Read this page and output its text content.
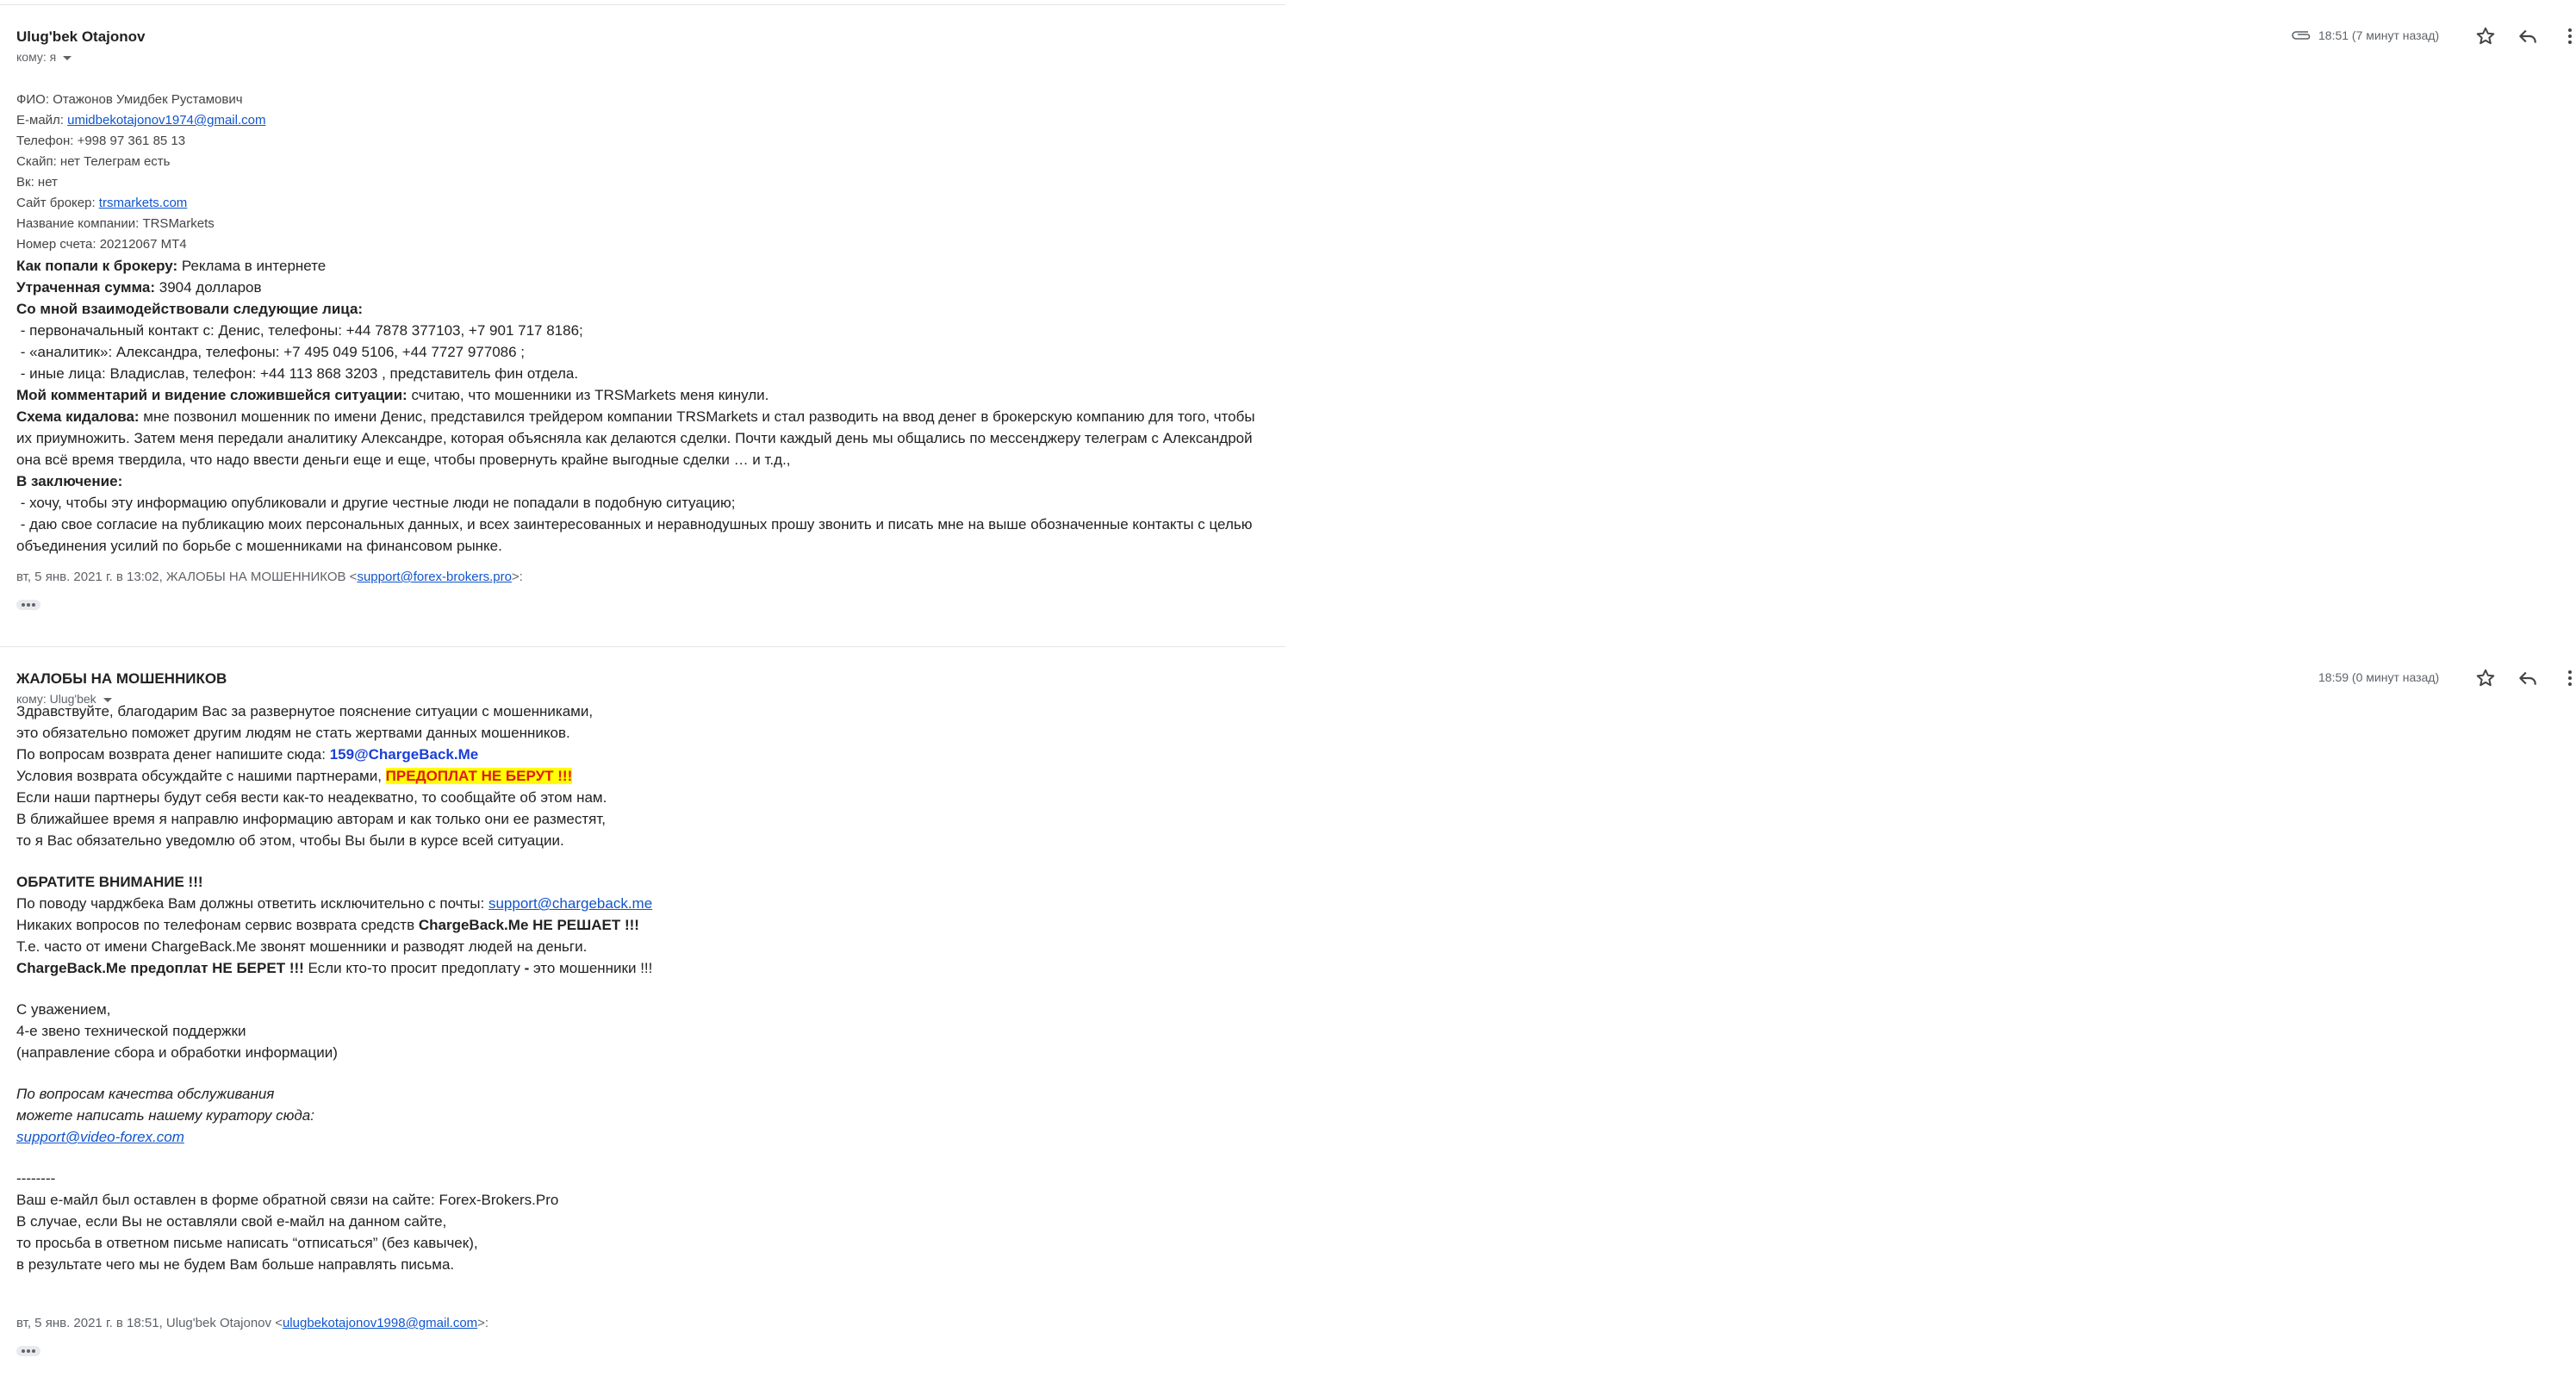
Ulug'bek Otajonov
кому: я
18:51 (7 минут назад)
ФИО: Отажонов Умидбек Рустамович
Е-майл: umidbekotajonov1974@gmail.com
Телефон: +998 97 361 85 13
Скайп: нет Телеграм есть
Вк: нет
Сайт брокер: trsmarkets.com
Название компании: TRSMarkets
Номер счета: 20212067 MT4
Как попали к брокеру: Реклама в интернете
Утраченная сумма: 3904 долларов
Со мной взаимодействовали следующие лица:
- первоначальный контакт с: Денис, телефоны: +44 7878 377103, +7 901 717 8186;
- «аналитик»: Александра, телефоны: +7 495 049 5106, +44 7727 977086 ;
- иные лица: Владислав, телефон: +44 113 868 3203 , представитель фин отдела.
Мой комментарий и видение сложившейся ситуации: считаю, что мошенники из TRSMarkets меня кинули.
Схема кидалова: мне позвонил мошенник по имени Денис, представился трейдером компании TRSMarkets и стал разводить на ввод денег в брокерскую компанию для того, чтобы их приумножить. Затем меня передали аналитику Александре, которая объясняла как делаются сделки. Почти каждый день мы общались по мессенджеру телеграм с Александрой она всё время твердила, что надо ввести деньги еще и еще, чтобы провернуть крайне выгодные сделки … и т.д.,
В заключение:
- хочу, чтобы эту информацию опубликовали и другие честные люди не попадали в подобную ситуацию;
- даю свое согласие на публикацию моих персональных данных, и всех заинтересованных и неравнодушных прошу звонить и писать мне на выше обозначенные контакты с целью объединения усилий по борьбе с мошенниками на финансовом рынке.
вт, 5 янв. 2021 г. в 13:02, ЖАЛОБЫ НА МОШЕННИКОВ <support@forex-brokers.pro>:
ЖАЛОБЫ НА МОШЕННИКОВ
кому: Ulug'bek
18:59 (0 минут назад)
Здравствуйте, благодарим Вас за развернутое пояснение ситуации с мошенниками,
это обязательно поможет другим людям не стать жертвами данных мошенников.
По вопросам возврата денег напишите сюда: 159@ChargeBack.Me
Условия возврата обсуждайте с нашими партнерами, ПРЕДОПЛАТ НЕ БЕРУТ !!!
Если наши партнеры будут себя вести как-то неадекватно, то сообщайте об этом нам.
В ближайшее время я направлю информацию авторам и как только они ее разместят,
то я Вас обязательно уведомлю об этом, чтобы Вы были в курсе всей ситуации.
ОБРАТИТЕ ВНИМАНИЕ !!!
По поводу чарджбека Вам должны ответить исключительно с почты: support@chargeback.me
Никаких вопросов по телефонам сервис возврата средств ChargeBack.Me НЕ РЕШАЕТ !!!
Т.е. часто от имени ChargeBack.Me звонят мошенники и разводят людей на деньги.
ChargeBack.Me предоплат НЕ БЕРЕТ !!! Если кто-то просит предоплату - это мошенники !!!
С уважением,
4-е звено технической поддержки
(направление сбора и обработки информации)
По вопросам качества обслуживания
можете написать нашему куратору сюда:
support@video-forex.com
--------
Ваш е-майл был оставлен в форме обратной связи на сайте: Forex-Brokers.Pro
В случае, если Вы не оставляли свой е-майл на данном сайте,
то просьба в ответном письме написать “отписаться” (без кавычек),
в результате чего мы не будем Вам больше направлять письма.
вт, 5 янв. 2021 г. в 18:51, Ulug'bek Otajonov <ulugbekotajonov1998@gmail.com>:
